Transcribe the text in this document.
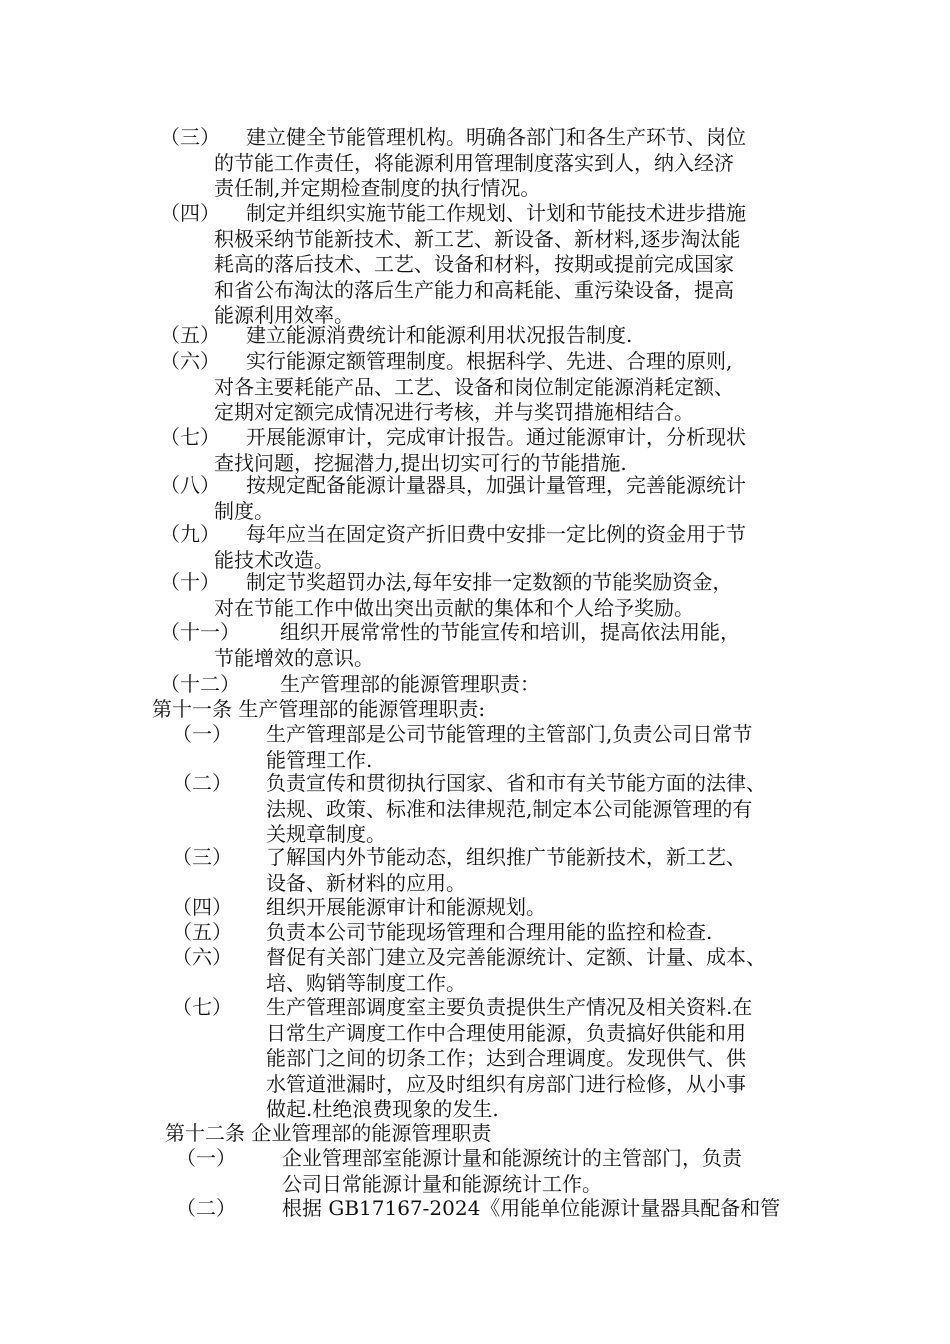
（三） 建立健全节能管理机构。明确各部门和各生产环节、岗位
的节能工作责任，将能源利用管理制度落实到人，纳入经济
责任制,并定期检查制度的执行情况。
（四） 制定并组织实施节能工作规划、计划和节能技术进步措施
积极采纳节能新技术、新工艺、新设备、新材料,逐步淘汰能
耗高的落后技术、工艺、设备和材料，按期或提前完成国家
和省公布淘汰的落后生产能力和高耗能、重污染设备，提高
能源利用效率。
（五） 建立能源消费统计和能源利用状况报告制度.
（六） 实行能源定额管理制度。根据科学、先进、合理的原则,
对各主要耗能产品、工艺、设备和岗位制定能源消耗定额、
定期对定额完成情况进行考核，并与奖罚措施相结合。
（七） 开展能源审计，完成审计报告。通过能源审计，分析现状
查找问题，挖掘潜力,提出切实可行的节能措施.
（八） 按规定配备能源计量器具，加强计量管理，完善能源统计
制度。
（九） 每年应当在固定资产折旧费中安排一定比例的资金用于节
能技术改造。
（十） 制定节奖超罚办法,每年安排一定数额的节能奖励资金，
对在节能工作中做出突出贡献的集体和个人给予奖励。
（十一） 组织开展常常性的节能宣传和培训，提高依法用能，
节能增效的意识。
（十二） 生产管理部的能源管理职责：
第十一条 生产管理部的能源管理职责:
（一） 生产管理部是公司节能管理的主管部门,负责公司日常节
能管理工作.
（二） 负责宣传和贯彻执行国家、省和市有关节能方面的法律、
法规、政策、标准和法律规范,制定本公司能源管理的有
关规章制度。
（三） 了解国内外节能动态，组织推广节能新技术，新工艺、
设备、新材料的应用。
（四） 组织开展能源审计和能源规划。
（五） 负责本公司节能现场管理和合理用能的监控和检查.
（六） 督促有关部门建立及完善能源统计、定额、计量、成本、
培、购销等制度工作。
（七） 生产管理部调度室主要负责提供生产情况及相关资料.在
日常生产调度工作中合理使用能源，负责搞好供能和用
能部门之间的切条工作；达到合理调度。发现供气、供
水管道泄漏时，应及时组织有房部门进行检修，从小事
做起.杜绝浪费现象的发生.
第十二条 企业管理部的能源管理职责
（一） 企业管理部室能源计量和能源统计的主管部门，负责
公司日常能源计量和能源统计工作。
（二） 根据 GB17167-2024《用能单位能源计量器具配备和管
